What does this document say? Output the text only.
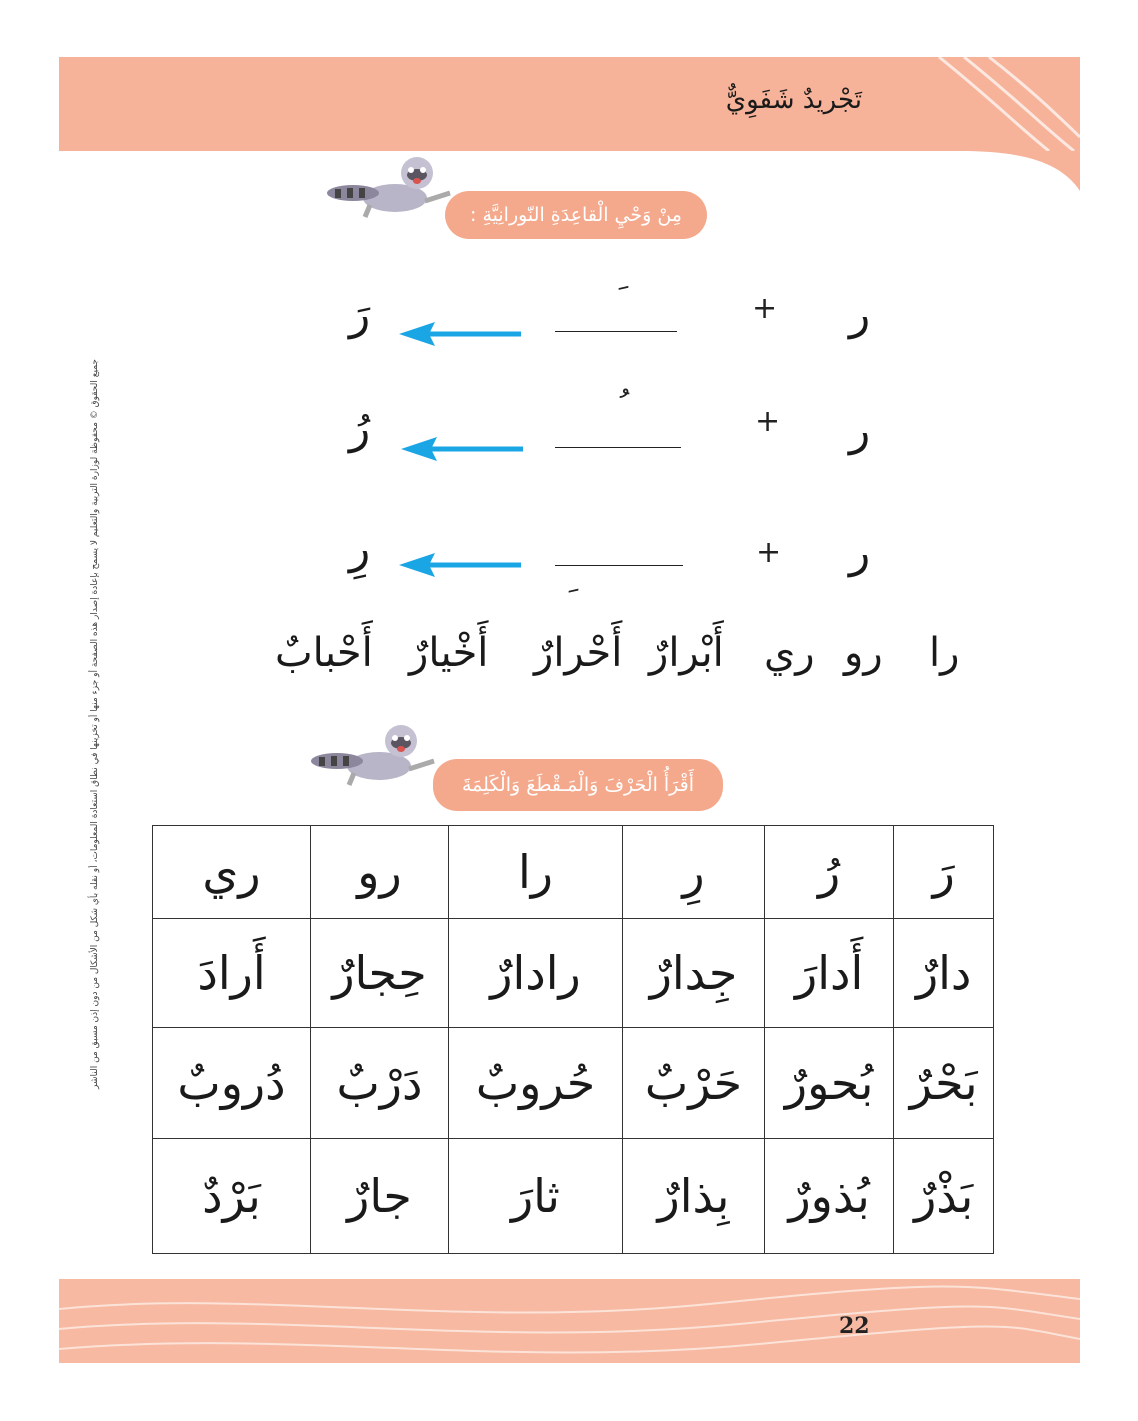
تَجْريدٌ شَفَوِيٌّ
جميع الحقوق © محفوظة لوزارة التربية والتعليم لا يسمح بإعادة إصدار هذه الصفحة أو جزء منها أو تخزينها في نطاق استعادة المعلومات، أو نقله بأي شكل من الأشكال من دون إذن مسبق من الناشر
مِنْ وَحْيِ الْقاعِدَةِ النّورانِيَّةِ :
ر
+
رَ
ر
+
رُ
ر
+
رِ
را
رو
ري
أَبْرارٌ
أَحْرارٌ
أَخْيارٌ
أَحْبابٌ
أَقْرَأُ الْحَرْفَ وَالْمَـقْطَعَ وَالْكَلِمَةَ
رَ	رُ	رِ	را	رو	ري
دارٌ	أَدارَ	جِدارٌ	رادارٌ	حِجارٌ	أَرادَ
بَحْرٌ	بُحورٌ	حَرْبٌ	حُروبٌ	دَرْبٌ	دُروبٌ
بَذْرٌ	بُذورٌ	بِذارٌ	ثارَ	جارٌ	بَرْدٌ
22
